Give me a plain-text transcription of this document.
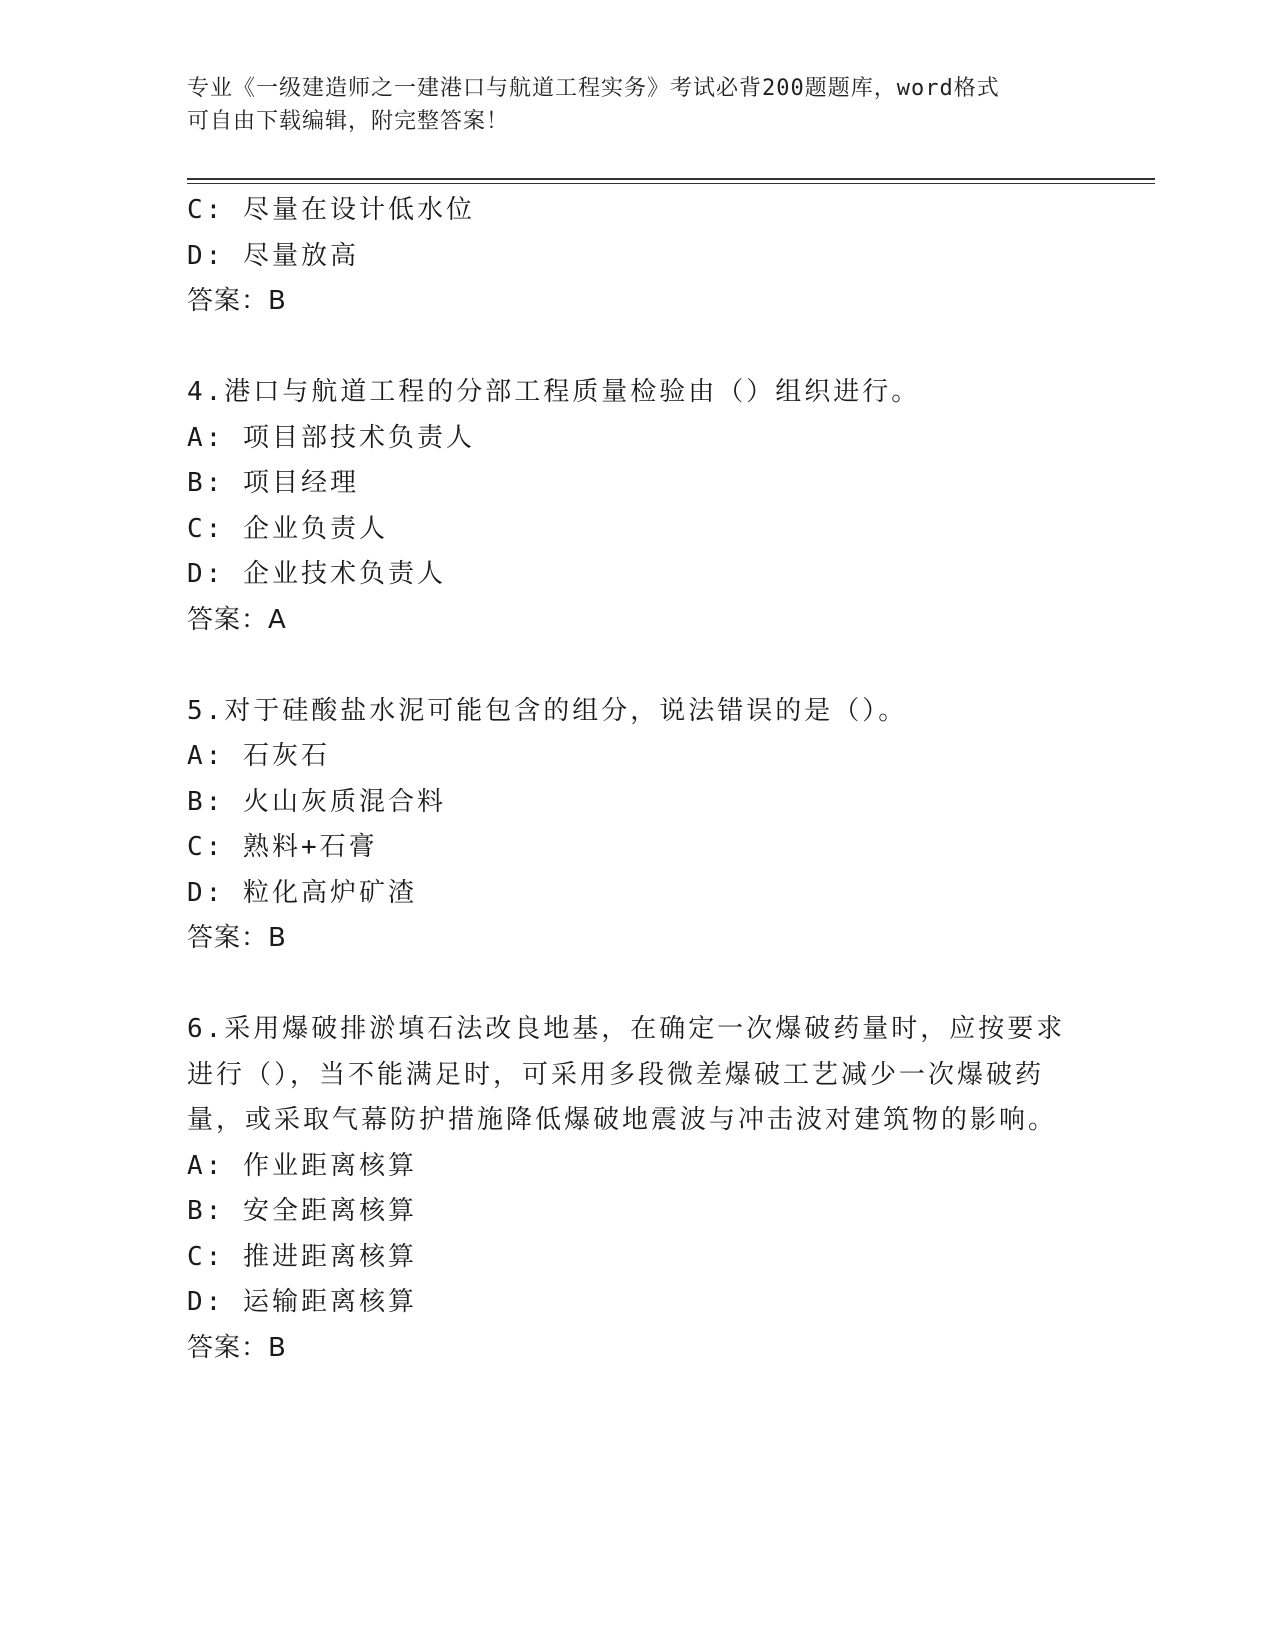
专业《一级建造师之一建港口与航道工程实务》考试必背200题题库，word格式
可自由下载编辑，附完整答案！
C: 尽量在设计低水位
D: 尽量放高
答案：B
4.港口与航道工程的分部工程质量检验由（）组织进行。
A: 项目部技术负责人
B: 项目经理
C: 企业负责人
D: 企业技术负责人
答案：A
5.对于硅酸盐水泥可能包含的组分，说法错误的是（）。
A: 石灰石
B: 火山灰质混合料
C: 熟料+石膏
D: 粒化高炉矿渣
答案：B
6.采用爆破排淤填石法改良地基，在确定一次爆破药量时，应按要求
进行（），当不能满足时，可采用多段微差爆破工艺减少一次爆破药
量，或采取气幕防护措施降低爆破地震波与冲击波对建筑物的影响。
A: 作业距离核算
B: 安全距离核算
C: 推进距离核算
D: 运输距离核算
答案：B
